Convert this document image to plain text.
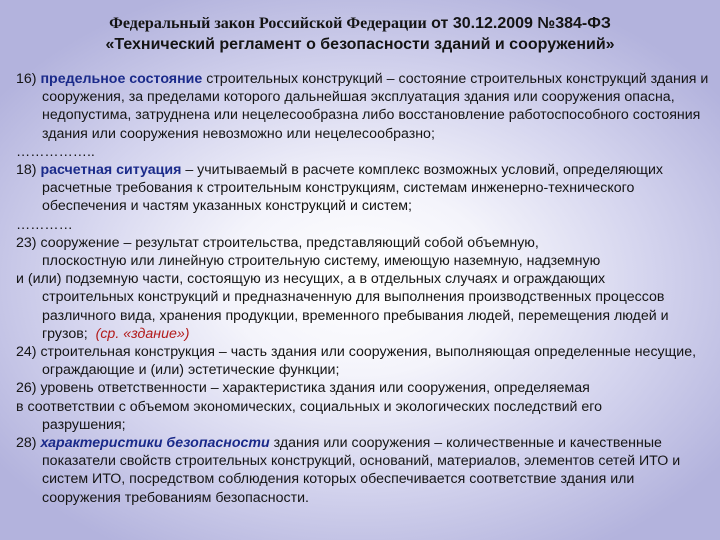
Федеральный закон Российской Федерации от 30.12.2009 №384-ФЗ
«Технический регламент о безопасности зданий и сооружений»

16) предельное состояние строительных конструкций – состояние строительных конструкций здания и сооружения, за пределами которого дальнейшая эксплуатация здания или сооружения опасна, недопустима, затруднена или нецелесообразна либо восстановление работоспособного состояния здания или сооружения невозможно или нецелесообразно;

……………..

18) расчетная ситуация – учитываемый в расчете комплекс возможных условий, определяющих расчетные требования к строительным конструкциям, системам инженерно-технического обеспечения и частям указанных конструкций и систем;

…………

23) сооружение – результат строительства, представляющий собой объемную,

плоскостную или линейную строительную систему, имеющую наземную, надземную

и (или) подземную части, состоящую из несущих, а в отдельных случаях и ограждающих

строительных конструкций и предназначенную для выполнения производственных процессов различного вида, хранения продукции, временного пребывания людей, перемещения людей и грузов; (ср. «здание»)

24) строительная конструкция – часть здания или сооружения, выполняющая определенные несущие, ограждающие и (или) эстетические функции;

26) уровень ответственности – характеристика здания или сооружения, определяемая

в соответствии с объемом экономических, социальных и экологических последствий его

разрушения;

28) характеристики безопасности здания или сооружения – количественные и качественные показатели свойств строительных конструкций, оснований, материалов, элементов сетей ИТО и систем ИТО, посредством соблюдения которых обеспечивается соответствие здания или сооружения требованиям безопасности.
